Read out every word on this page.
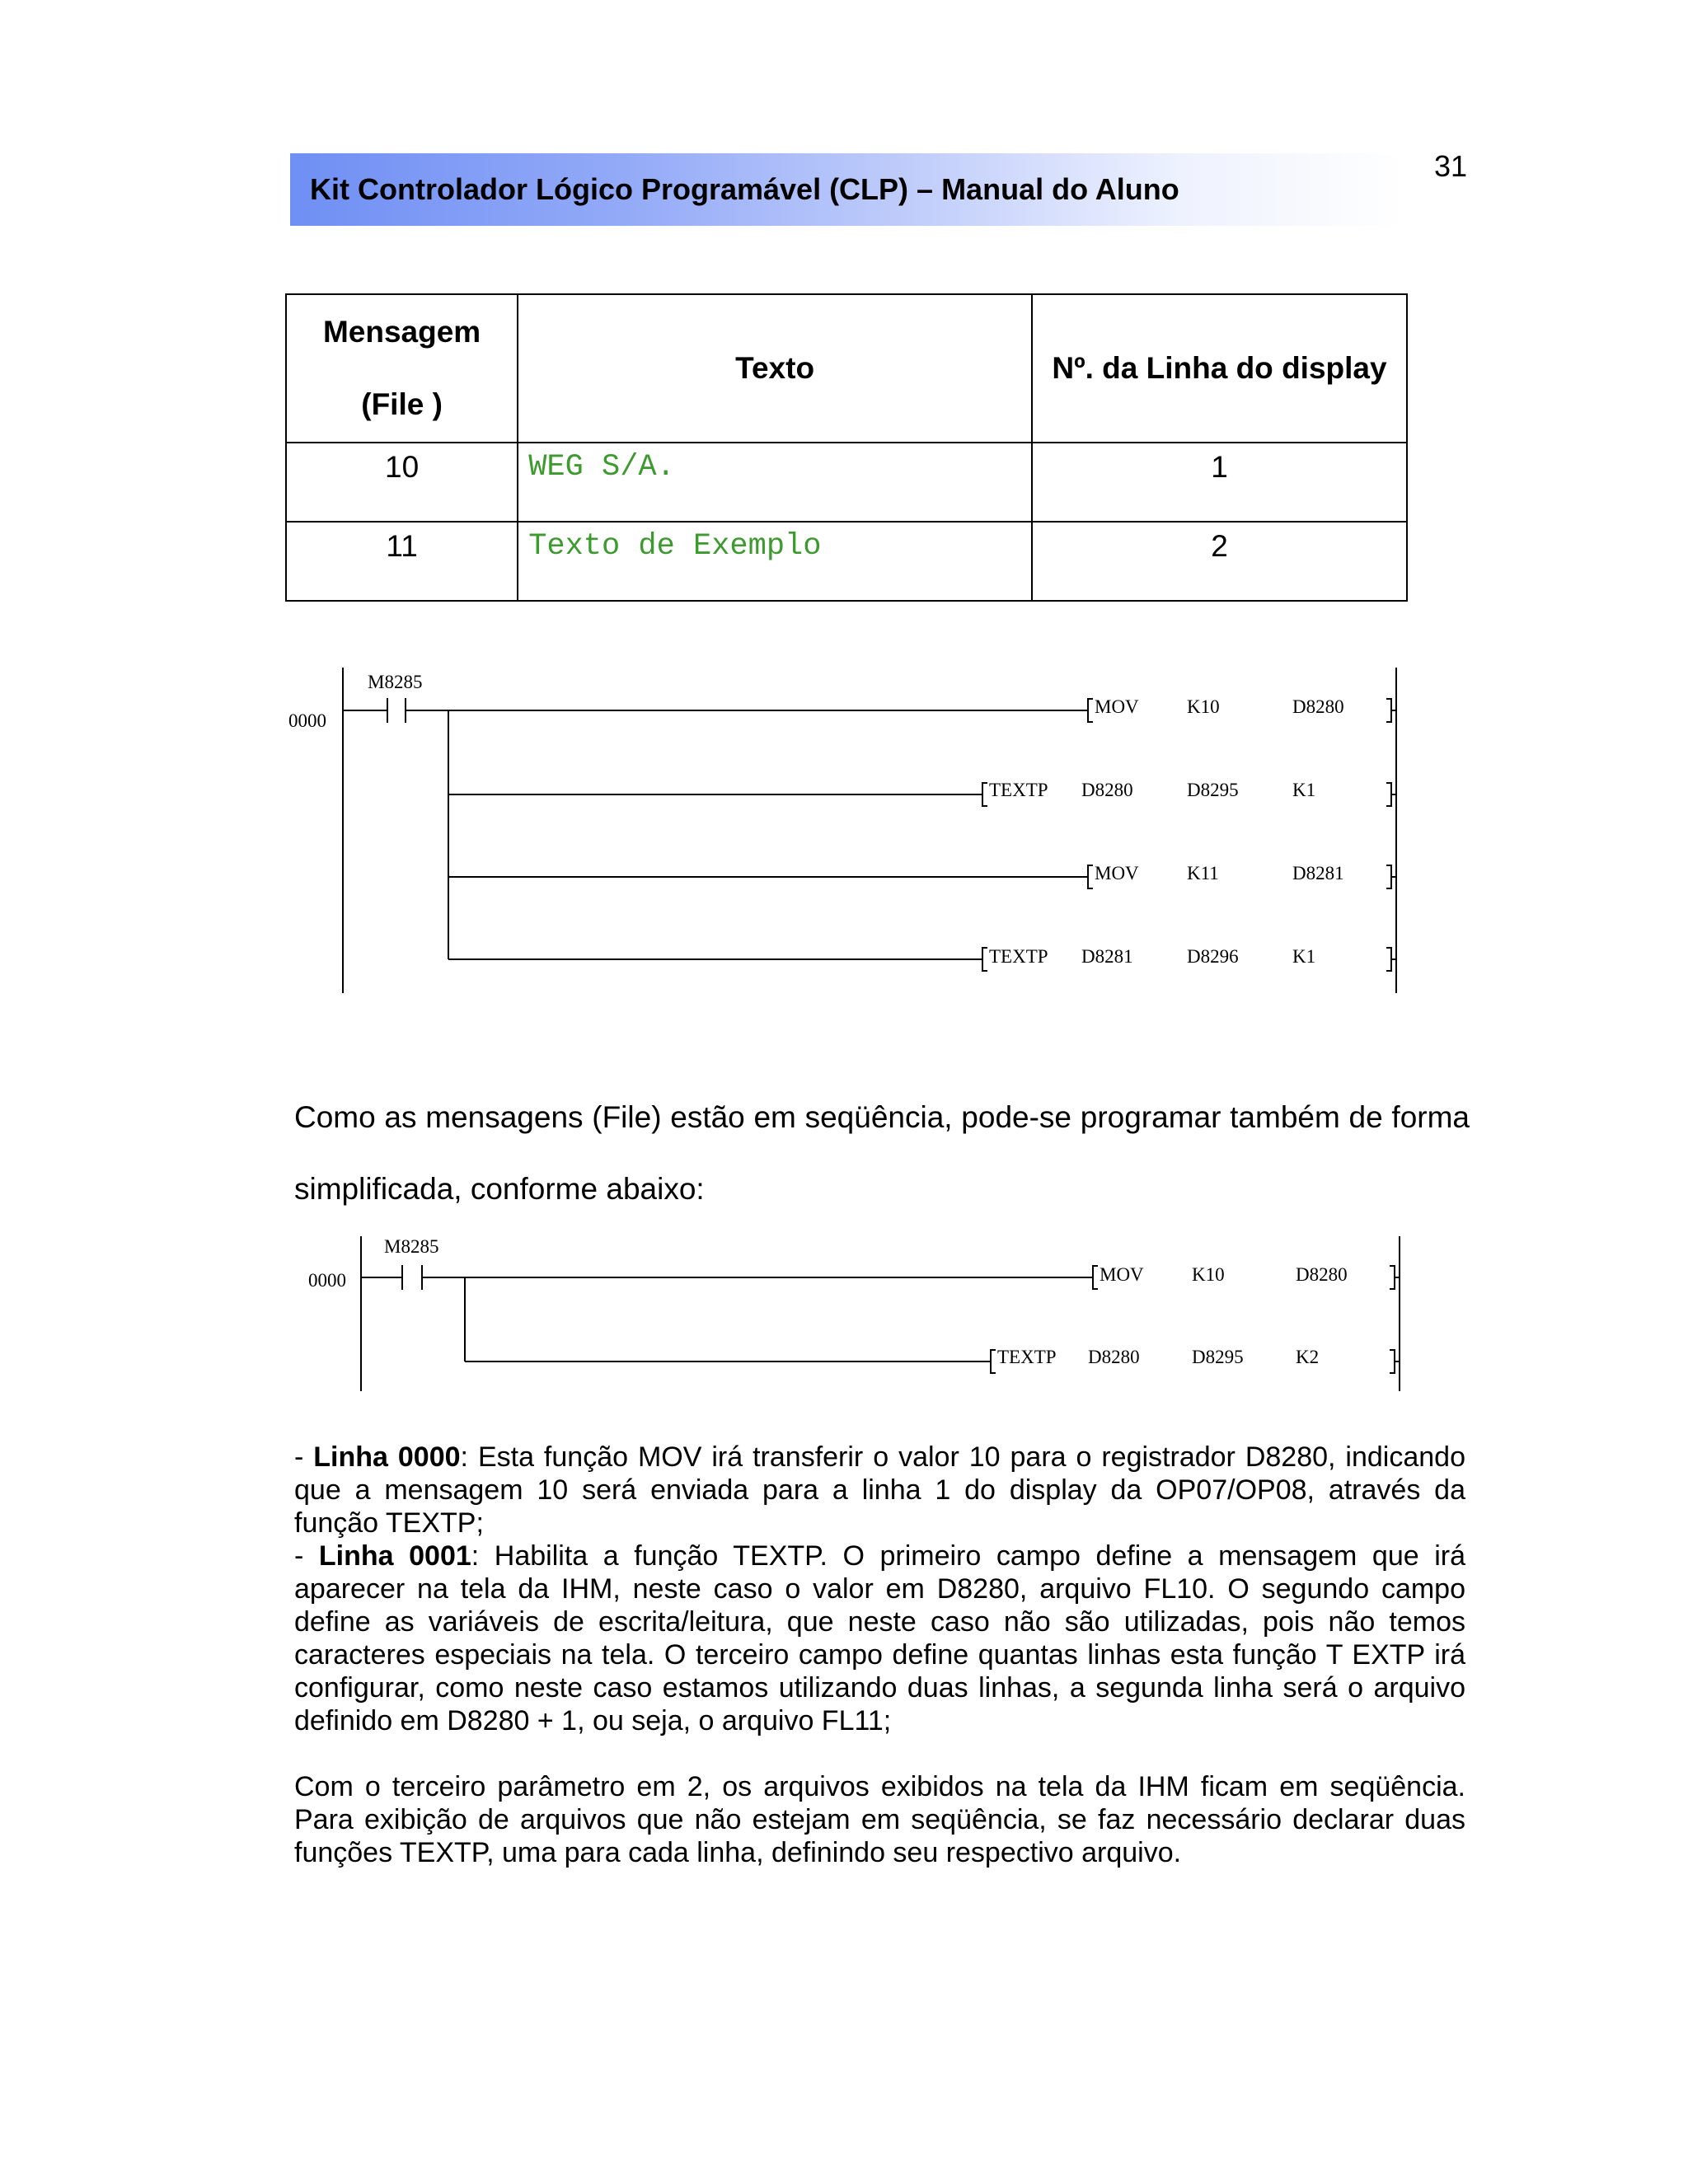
Kit Controlador Lógico Programável (CLP) – Manual do Aluno
31
Mensagem
(File )	Texto	Nº. da Linha do display
10	WEG S/A.	1
11	Texto de Exemplo	2
0000
M8285
MOV	K10	D8280
TEXTP D8280	D8295	K1
MOV	K11	D8281
TEXTP D8281	D8296	K1
Como as mensagens (File) estão em seqüência, pode-se programar também de forma simplificada, conforme abaixo:
0000
M8285
MOV	K10	D8280
TEXTP D8280	D8295	K2

- Linha 0000: Esta função MOV irá transferir o valor 10 para o registrador D8280, indicando que a mensagem 10 será enviada para a linha 1 do display da OP07/OP08, através da função TEXTP;

- Linha 0001: Habilita a função TEXTP. O primeiro campo define a mensagem que irá aparecer na tela da IHM, neste caso o valor em D8280, arquivo FL10. O segundo campo define as variáveis de escrita/leitura, que neste caso não são utilizadas, pois não temos caracteres especiais na tela. O terceiro campo define quantas linhas esta função T EXTP irá configurar, como neste caso estamos utilizando duas linhas, a segunda linha será o arquivo definido em D8280 + 1, ou seja, o arquivo FL11;

Com o terceiro parâmetro em 2, os arquivos exibidos na tela da IHM ficam em seqüência. Para exibição de arquivos que não estejam em seqüência, se faz necessário declarar duas funções TEXTP, uma para cada linha, definindo seu respectivo arquivo.
